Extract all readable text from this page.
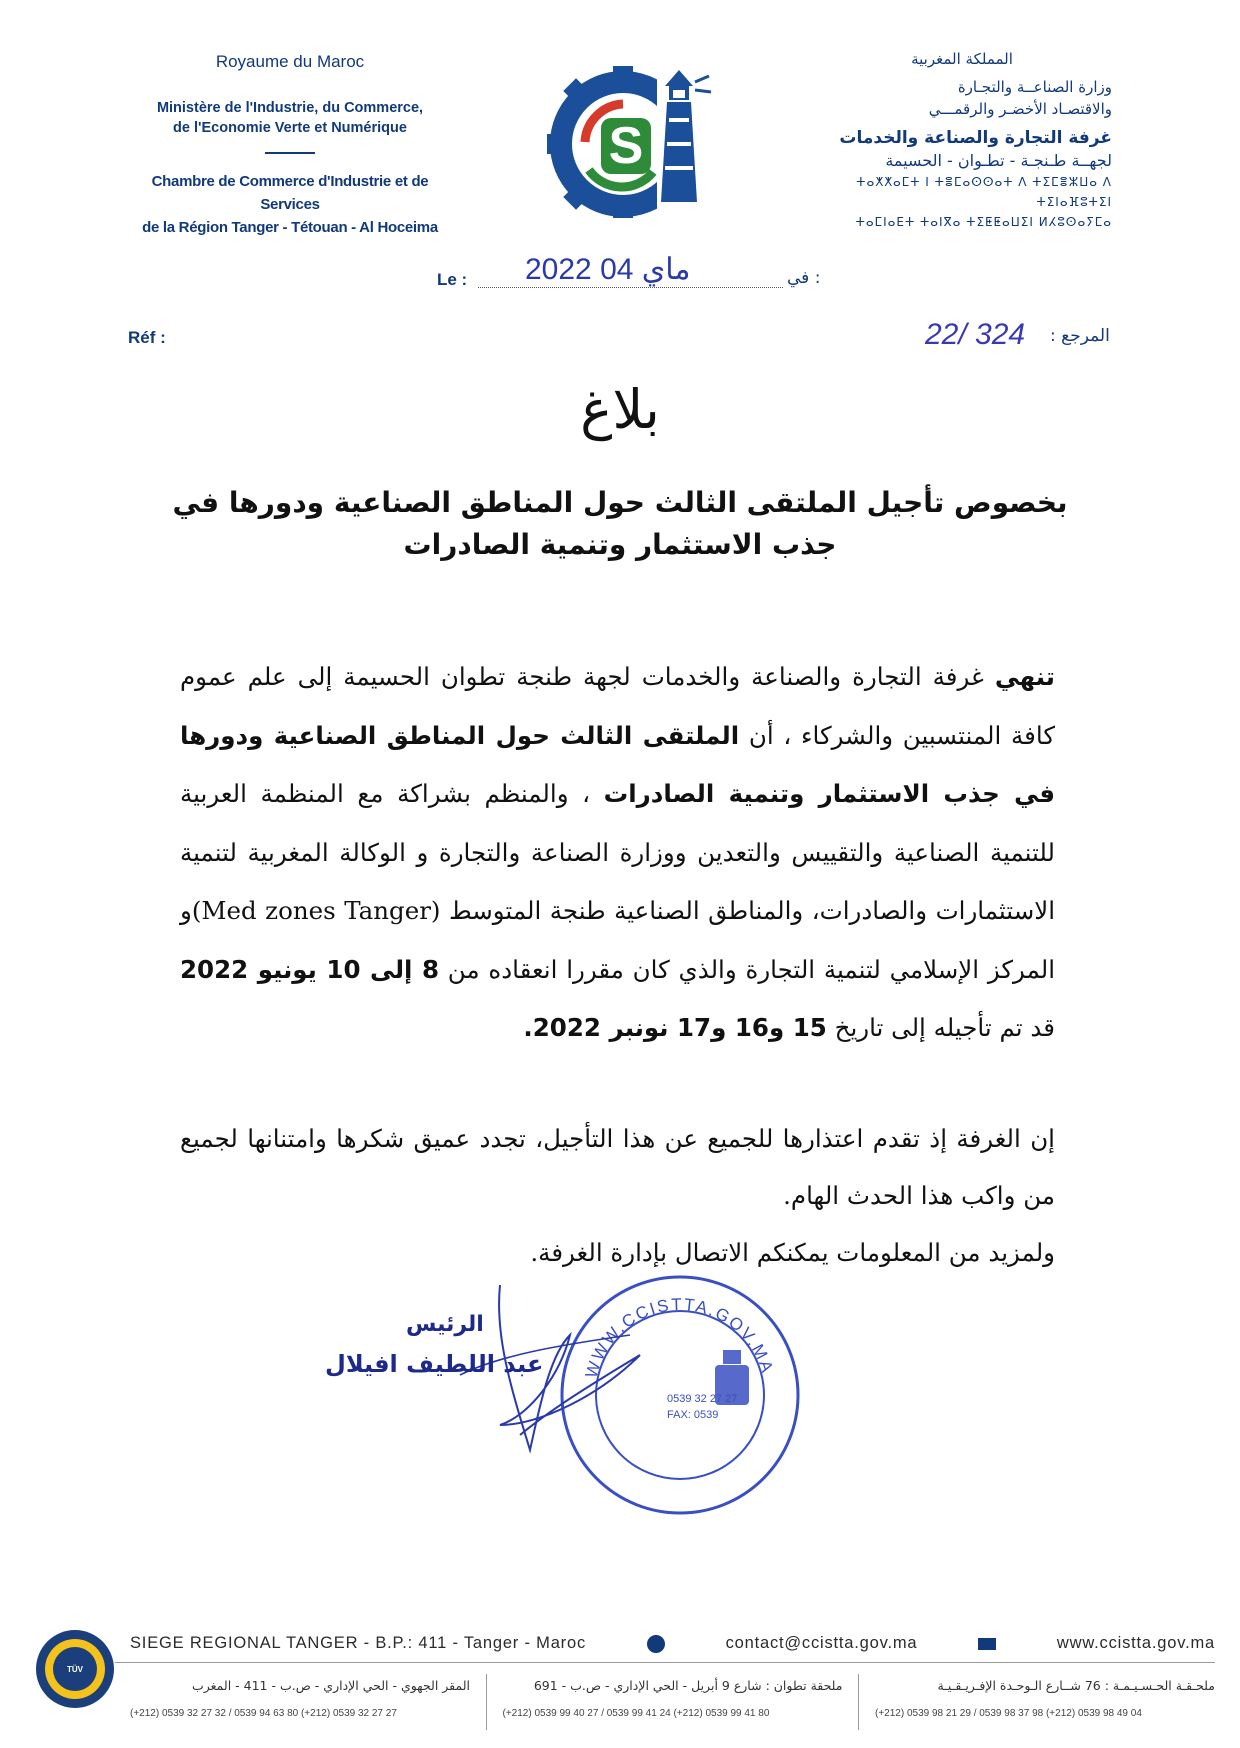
Royaume du Maroc
Ministère de l'Industrie, du Commerce,
de l'Economie Verte et Numérique
Chambre de Commerce d'Industrie et de Services
de la Région Tanger - Tétouan - Al Hoceima
S
المملكة المغربية
وزارة الصناعــة والتجـارة
والاقتصـاد الأخضـر والرقمـــي
غرفة التجارة والصناعة والخدمات
لجهــة طـنجـة - تطـوان - الحسيمة
ⵜⴰⵅⵅⴰⵎⵜ ⵏ ⵜⴻⵎⴰⵙⵙⴰⵜ ⴷ ⵜⵉⵎⴻⵣⵡⴰ ⴷ ⵜⵉⵏⴰⴼⵓⵜⵉⵏ
ⵜⴰⵎⵏⴰⴹⵜ ⵜⴰⵏⴳⴰ ⵜⵉⵟⵟⴰⵡⵉⵏ ⵍⵃⵓⵙⴰⵢⵎⴰ
Le : 2022 ماي 04	في :
Réf :	22/ 324 : المرجع
بلاغ
بخصوص تأجيل الملتقى الثالث حول المناطق الصناعية ودورها في جذب الاستثمار وتنمية الصادرات

تنهي غرفة التجارة والصناعة والخدمات لجهة طنجة تطوان الحسيمة إلى علم عموم كافة المنتسبين والشركاء ، أن الملتقى الثالث حول المناطق الصناعية ودورها في جذب الاستثمار وتنمية الصادرات ، والمنظم بشراكة مع المنظمة العربية للتنمية الصناعية والتقييس والتعدين ووزارة الصناعة والتجارة و الوكالة المغربية لتنمية الاستثمارات والصادرات، والمناطق الصناعية طنجة المتوسط (Med zones Tanger)و المركز الإسلامي لتنمية التجارة والذي كان مقررا انعقاده من 8 إلى 10 يونيو 2022 قد تم تأجيله إلى تاريخ 15 و16 و17 نونبر 2022.

إن الغرفة إذ تقدم اعتذارها للجميع عن هذا التأجيل، تجدد عميق شكرها وامتنانها لجميع من واكب هذا الحدث الهام.

ولمزيد من المعلومات يمكنكم الاتصال بإدارة الغرفة.

WWW.CCISTTA.GOV.MA
0539 32 27 27
FAX: 0539
الرئيس
عبد اللطيف افيلال
TÜV
SIEGE REGIONAL TANGER - B.P.: 411 - Tanger - Maroc	contact@ccistta.gov.ma	www.ccistta.gov.ma
المقر الجهوي - الحي الإداري - ص.ب - 411 - المغرب
(+212) 0539 32 27 32 / 0539 94 63 80 (+212) 0539 32 27 27
ملحقة تطوان : شارع 9 أبريل - الحي الإداري - ص.ب - 691
(+212) 0539 99 40 27 / 0539 99 41 24 (+212) 0539 99 41 80
ملحـقـة الحـسـيـمـة : 76 شــارع الـوحـدة الإفـريـقـيـة
(+212) 0539 98 21 29 / 0539 98 37 98 (+212) 0539 98 49 04
